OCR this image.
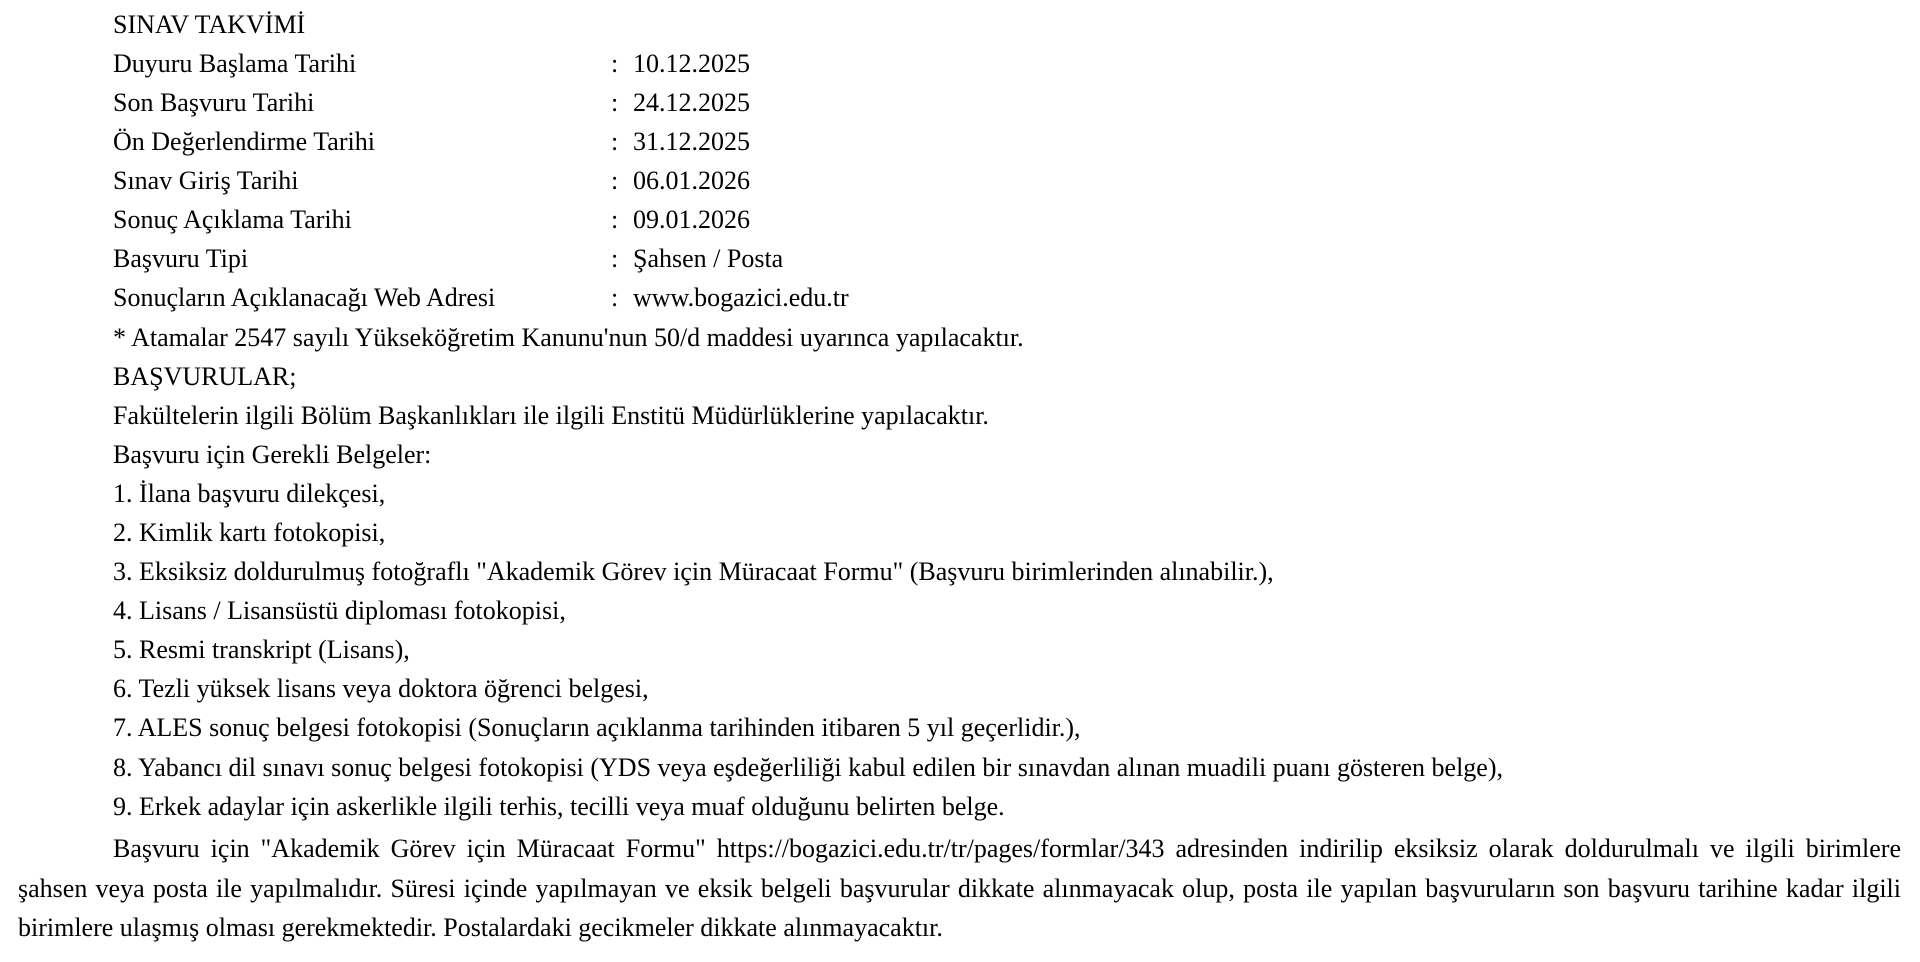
SINAV TAKVİMİ
Duyuru Başlama Tarihi	: 10.12.2025
Son Başvuru Tarihi	: 24.12.2025
Ön Değerlendirme Tarihi	: 31.12.2025
Sınav Giriş Tarihi	: 06.01.2026
Sonuç Açıklama Tarihi	: 09.01.2026
Başvuru Tipi	: Şahsen / Posta
Sonuçların Açıklanacağı Web Adresi	: www.bogazici.edu.tr
* Atamalar 2547 sayılı Yükseköğretim Kanunu'nun 50/d maddesi uyarınca yapılacaktır.
BAŞVURULAR;
Fakültelerin ilgili Bölüm Başkanlıkları ile ilgili Enstitü Müdürlüklerine yapılacaktır.
Başvuru için Gerekli Belgeler:
1. İlana başvuru dilekçesi,
2. Kimlik kartı fotokopisi,
3. Eksiksiz doldurulmuş fotoğraflı "Akademik Görev için Müracaat Formu" (Başvuru birimlerinden alınabilir.),
4. Lisans / Lisansüstü diploması fotokopisi,
5. Resmi transkript (Lisans),
6. Tezli yüksek lisans veya doktora öğrenci belgesi,
7. ALES sonuç belgesi fotokopisi (Sonuçların açıklanma tarihinden itibaren 5 yıl geçerlidir.),
8. Yabancı dil sınavı sonuç belgesi fotokopisi (YDS veya eşdeğerliliği kabul edilen bir sınavdan alınan muadili puanı gösteren belge),
9. Erkek adaylar için askerlikle ilgili terhis, tecilli veya muaf olduğunu belirten belge.

Başvuru için "Akademik Görev için Müracaat Formu" https://bogazici.edu.tr/tr/pages/formlar/343 adresinden indirilip eksiksiz olarak doldurulmalı ve ilgili birimlere şahsen veya posta ile yapılmalıdır. Süresi içinde yapılmayan ve eksik belgeli başvurular dikkate alınmayacak olup, posta ile yapılan başvuruların son başvuru tarihine kadar ilgili birimlere ulaşmış olması gerekmektedir. Postalardaki gecikmeler dikkate alınmayacaktır.
